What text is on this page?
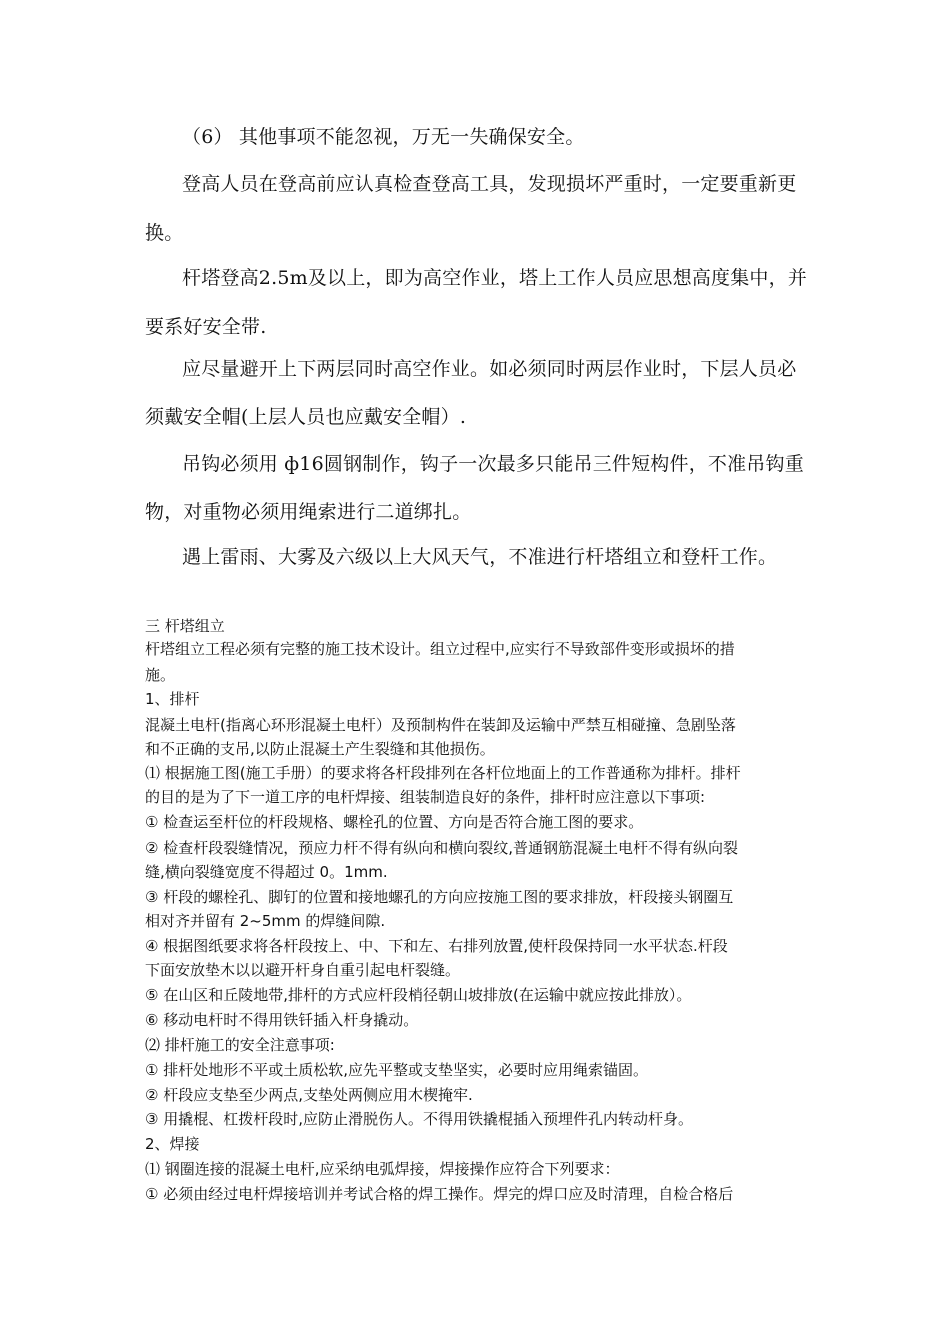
（6） 其他事项不能忽视，万无一失确保安全。
登高人员在登高前应认真检查登高工具，发现损坏严重时，一定要重新更
换。
杆塔登高2.5m及以上，即为高空作业，塔上工作人员应思想高度集中，并
要系好安全带.
应尽量避开上下两层同时高空作业。如必须同时两层作业时，下层人员必
须戴安全帽(上层人员也应戴安全帽）.
吊钩必须用 ф16圆钢制作，钩子一次最多只能吊三件短构件，不准吊钩重
物，对重物必须用绳索进行二道绑扎。
遇上雷雨、大雾及六级以上大风天气，不准进行杆塔组立和登杆工作。
三 杆塔组立
杆塔组立工程必须有完整的施工技术设计。组立过程中,应实行不导致部件变形或损坏的措
施。
1、排杆
混凝土电杆(指离心环形混凝土电杆）及预制构件在装卸及运输中严禁互相碰撞、急剧坠落
和不正确的支吊,以防止混凝土产生裂缝和其他损伤。
⑴ 根据施工图(施工手册）的要求将各杆段排列在各杆位地面上的工作普通称为排杆。排杆
的目的是为了下一道工序的电杆焊接、组装制造良好的条件，排杆时应注意以下事项:
① 检查运至杆位的杆段规格、螺栓孔的位置、方向是否符合施工图的要求。
② 检查杆段裂缝情况，预应力杆不得有纵向和横向裂纹,普通钢筋混凝土电杆不得有纵向裂
缝,横向裂缝宽度不得超过 0。1mm.
③ 杆段的螺栓孔、脚钉的位置和接地螺孔的方向应按施工图的要求排放，杆段接头钢圈互
相对齐并留有 2~5mm 的焊缝间隙.
④ 根据图纸要求将各杆段按上、中、下和左、右排列放置,使杆段保持同一水平状态.杆段
下面安放垫木以以避开杆身自重引起电杆裂缝。
⑤ 在山区和丘陵地带,排杆的方式应杆段梢径朝山坡排放(在运输中就应按此排放）。
⑥ 移动电杆时不得用铁钎插入杆身撬动。
⑵ 排杆施工的安全注意事项:
① 排杆处地形不平或土质松软,应先平整或支垫坚实，必要时应用绳索锚固。
② 杆段应支垫至少两点,支垫处两侧应用木楔掩牢.
③ 用撬棍、杠拨杆段时,应防止滑脱伤人。不得用铁撬棍插入预埋件孔内转动杆身。
2、焊接
⑴ 钢圈连接的混凝土电杆,应采纳电弧焊接，焊接操作应符合下列要求：
① 必须由经过电杆焊接培训并考试合格的焊工操作。焊完的焊口应及时清理，自检合格后
